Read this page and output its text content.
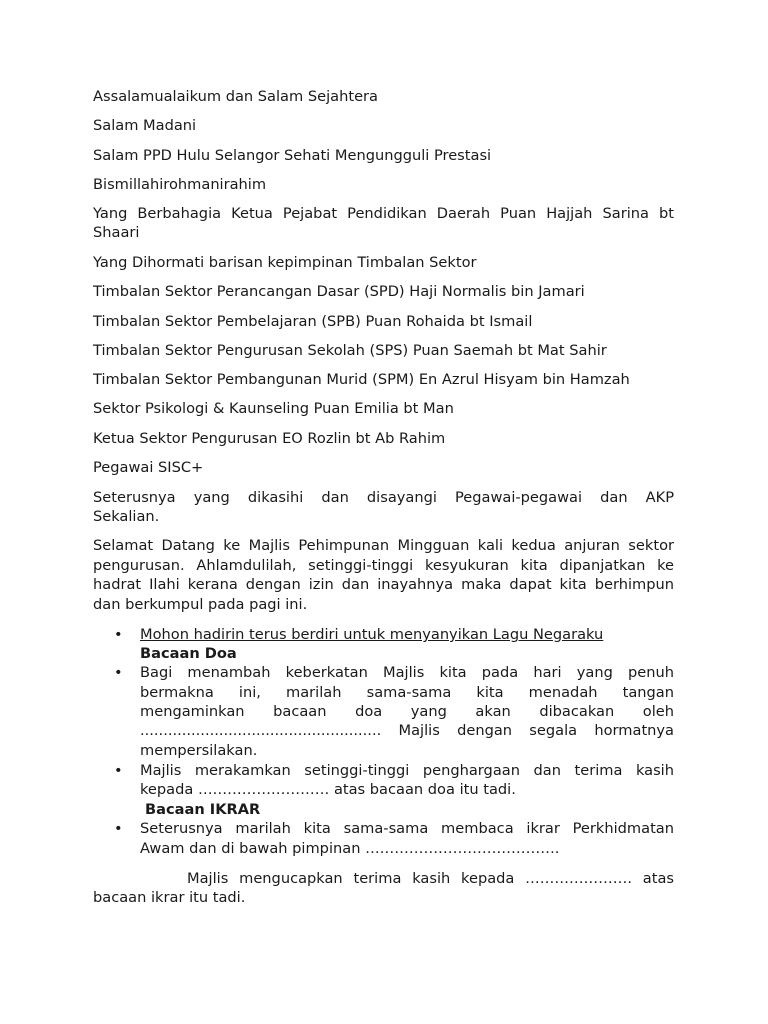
Assalamualaikum dan Salam Sejahtera
Salam Madani
Salam PPD Hulu Selangor Sehati Mengungguli Prestasi
Bismillahirohmanirahim
Yang Berbahagia Ketua Pejabat Pendidikan Daerah Puan Hajjah Sarina bt
Shaari
Yang Dihormati barisan kepimpinan Timbalan Sektor
Timbalan Sektor Perancangan Dasar (SPD) Haji Normalis bin Jamari
Timbalan Sektor Pembelajaran (SPB) Puan Rohaida bt Ismail
Timbalan Sektor Pengurusan Sekolah (SPS) Puan Saemah bt Mat Sahir
Timbalan Sektor Pembangunan Murid (SPM) En Azrul Hisyam bin Hamzah
Sektor Psikologi & Kaunseling Puan Emilia bt Man
Ketua Sektor Pengurusan EO Rozlin bt Ab Rahim
Pegawai SISC+
Seterusnya yang dikasihi dan disayangi Pegawai-pegawai dan AKP
Sekalian.
Selamat Datang ke Majlis Pehimpunan Mingguan kali kedua anjuran sektor
pengurusan. Ahlamdulilah, setinggi-tinggi kesyukuran kita dipanjatkan ke
hadrat Ilahi kerana dengan izin dan inayahnya maka dapat kita berhimpun
dan berkumpul pada pagi ini.
• Mohon hadirin terus berdiri untuk menyanyikan Lagu Negaraku
Bacaan Doa
• Bagi menambah keberkatan Majlis kita pada hari yang penuh
bermakna ini, marilah sama-sama kita menadah tangan
mengaminkan bacaan doa yang akan dibacakan oleh
.................................................... Majlis dengan segala hormatnya
mempersilakan.
• Majlis merakamkan setinggi-tinggi penghargaan dan terima kasih
kepada ……………………… atas bacaan doa itu tadi.
Bacaan IKRAR
• Seterusnya marilah kita sama-sama membaca ikrar Perkhidmatan
Awam dan di bawah pimpinan ………………………………….
Majlis mengucapkan terima kasih kepada …………………. atas
bacaan ikrar itu tadi.
